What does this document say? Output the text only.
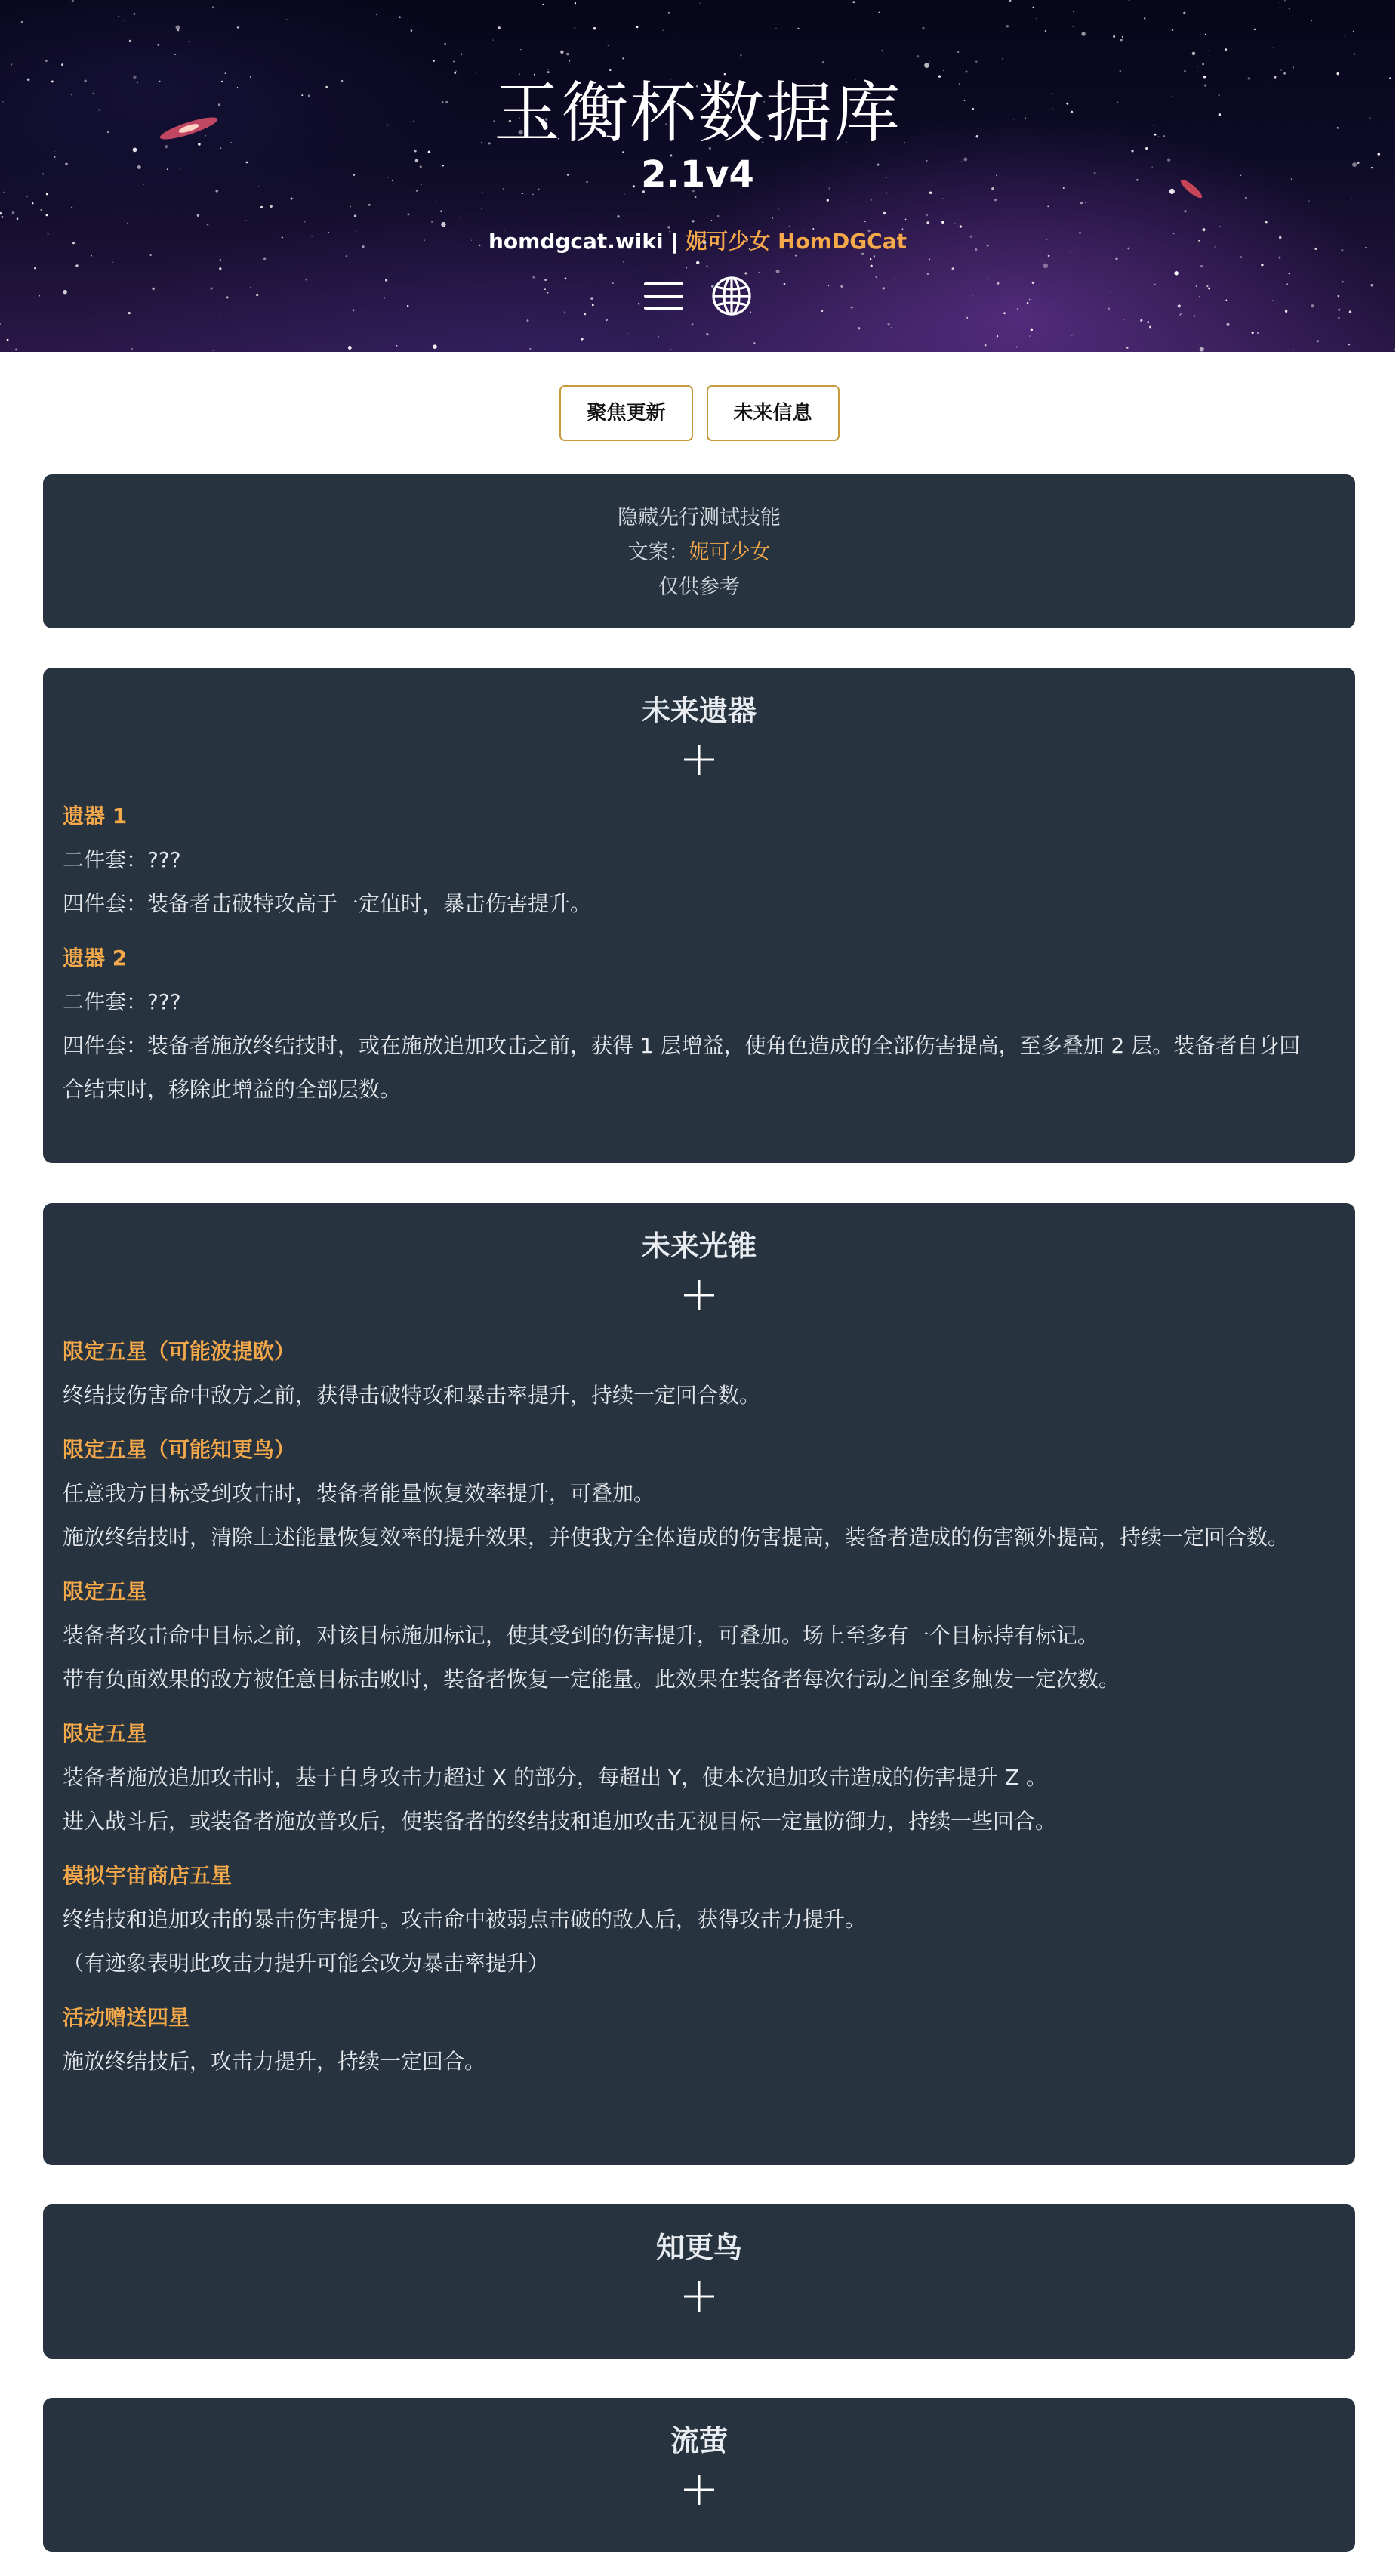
玉衡杯数据库
2.1v4
homdgcat.wiki | 妮可少女 HomDGCat

聚焦更新	未来信息
隐藏先行测试技能
文案：妮可少女
仅供参考
未来遗器
遗器 1
二件套：???
四件套：装备者击破特攻高于一定值时，暴击伤害提升。
遗器 2
二件套：???
四件套：装备者施放终结技时，或在施放追加攻击之前，获得 1 层增益，使角色造成的全部伤害提高，至多叠加 2 层。装备者自身回
合结束时，移除此增益的全部层数。
未来光锥
限定五星（可能波提欧）
终结技伤害命中敌方之前，获得击破特攻和暴击率提升，持续一定回合数。
限定五星（可能知更鸟）
任意我方目标受到攻击时，装备者能量恢复效率提升，可叠加。
施放终结技时，清除上述能量恢复效率的提升效果，并使我方全体造成的伤害提高，装备者造成的伤害额外提高，持续一定回合数。
限定五星
装备者攻击命中目标之前，对该目标施加标记，使其受到的伤害提升，可叠加。场上至多有一个目标持有标记。
带有负面效果的敌方被任意目标击败时，装备者恢复一定能量。此效果在装备者每次行动之间至多触发一定次数。
限定五星
装备者施放追加攻击时，基于自身攻击力超过 X 的部分，每超出 Y，使本次追加攻击造成的伤害提升 Z 。
进入战斗后，或装备者施放普攻后，使装备者的终结技和追加攻击无视目标一定量防御力，持续一些回合。
模拟宇宙商店五星
终结技和追加攻击的暴击伤害提升。攻击命中被弱点击破的敌人后，获得攻击力提升。
（有迹象表明此攻击力提升可能会改为暴击率提升）
活动赠送四星
施放终结技后，攻击力提升，持续一定回合。
知更鸟
流萤
